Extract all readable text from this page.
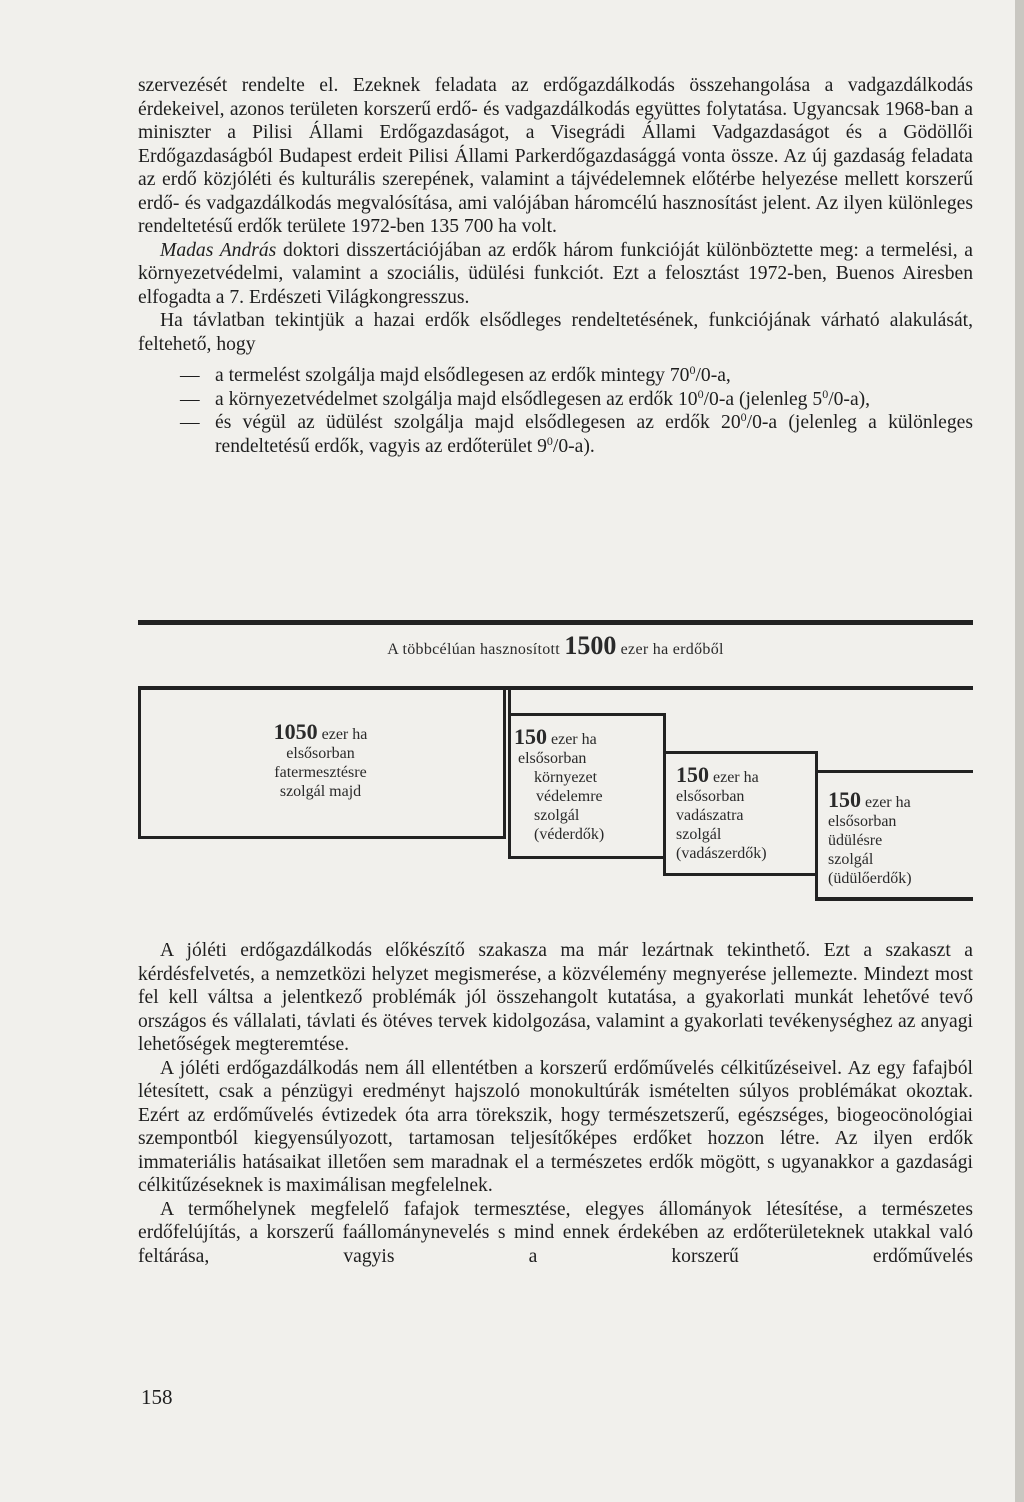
szervezését rendelte el. Ezeknek feladata az erdőgazdálkodás összehangolása a vadgazdálkodás érdekeivel, azonos területen korszerű erdő- és vadgazdálkodás együttes folytatása. Ugyancsak 1968-ban a miniszter a Pilisi Állami Erdőgazdaságot, a Visegrádi Állami Vadgazdaságot és a Gödöllői Erdőgazdaságból Budapest erdeit Pilisi Állami Parkerdőgazdasággá vonta össze. Az új gazdaság feladata az erdő közjóléti és kulturális szerepének, valamint a tájvédelemnek előtérbe helyezése mellett korszerű erdő- és vadgazdálkodás megvalósítása, ami valójában háromcélú hasznosítást jelent. Az ilyen különleges rendeltetésű erdők területe 1972-ben 135 700 ha volt.

Madas András doktori disszertációjában az erdők három funkcióját különböztette meg: a termelési, a környezetvédelmi, valamint a szociális, üdülési funkciót. Ezt a felosztást 1972-ben, Buenos Airesben elfogadta a 7. Erdészeti Világkongresszus.

Ha távlatban tekintjük a hazai erdők elsődleges rendeltetésének, funkciójának várható alakulását, feltehető, hogy

— a termelést szolgálja majd elsődlegesen az erdők mintegy $70^0/0-a$,

— a környezetvédelmet szolgálja majd elsődlegesen az erdők $10^0/0-a$ (jelenleg $5^0/0-a$),

— és végül az üdülést szolgálja majd elsődlegesen az erdők $20^0/0-a$ (jelenleg a különleges rendeltetésű erdők, vagyis az erdőterület $9^0/0-a$).

A többcélúan hasznosított 1500 ezer ha erdőből
1050 ezer ha
elsősorban
fatermesztésre
szolgál majd
150 ezer ha
elsősorban
környezet
védelemre
szolgál
(véderdők)
150 ezer ha
elsősorban
vadászatra
szolgál
(vadászerdők)
150 ezer ha
elsősorban
üdülésre
szolgál
(üdülőerdők)

A jóléti erdőgazdálkodás előkészítő szakasza ma már lezártnak tekinthető. Ezt a szakaszt a kérdésfelvetés, a nemzetközi helyzet megismerése, a közvélemény megnyerése jellemezte. Mindezt most fel kell váltsa a jelentkező problémák jól összehangolt kutatása, a gyakorlati munkát lehetővé tevő országos és vállalati, távlati és ötéves tervek kidolgozása, valamint a gyakorlati tevékenységhez az anyagi lehetőségek megteremtése.

A jóléti erdőgazdálkodás nem áll ellentétben a korszerű erdőművelés célkitűzéseivel. Az egy fafajból létesített, csak a pénzügyi eredményt hajszoló monokultúrák ismételten súlyos problémákat okoztak. Ezért az erdőművelés évtizedek óta arra törekszik, hogy természetszerű, egészséges, biogeocönológiai szempontból kiegyensúlyozott, tartamosan teljesítőképes erdőket hozzon létre. Az ilyen erdők immateriális hatásaikat illetően sem maradnak el a természetes erdők mögött, s ugyanakkor a gazdasági célkitűzéseknek is maximálisan megfelelnek.

A termőhelynek megfelelő fafajok termesztése, elegyes állományok létesítése, a természetes erdőfelújítás, a korszerű faállománynevelés s mind ennek érdekében az erdőterületeknek utakkal való feltárása, vagyis a korszerű erdőművelés

158
